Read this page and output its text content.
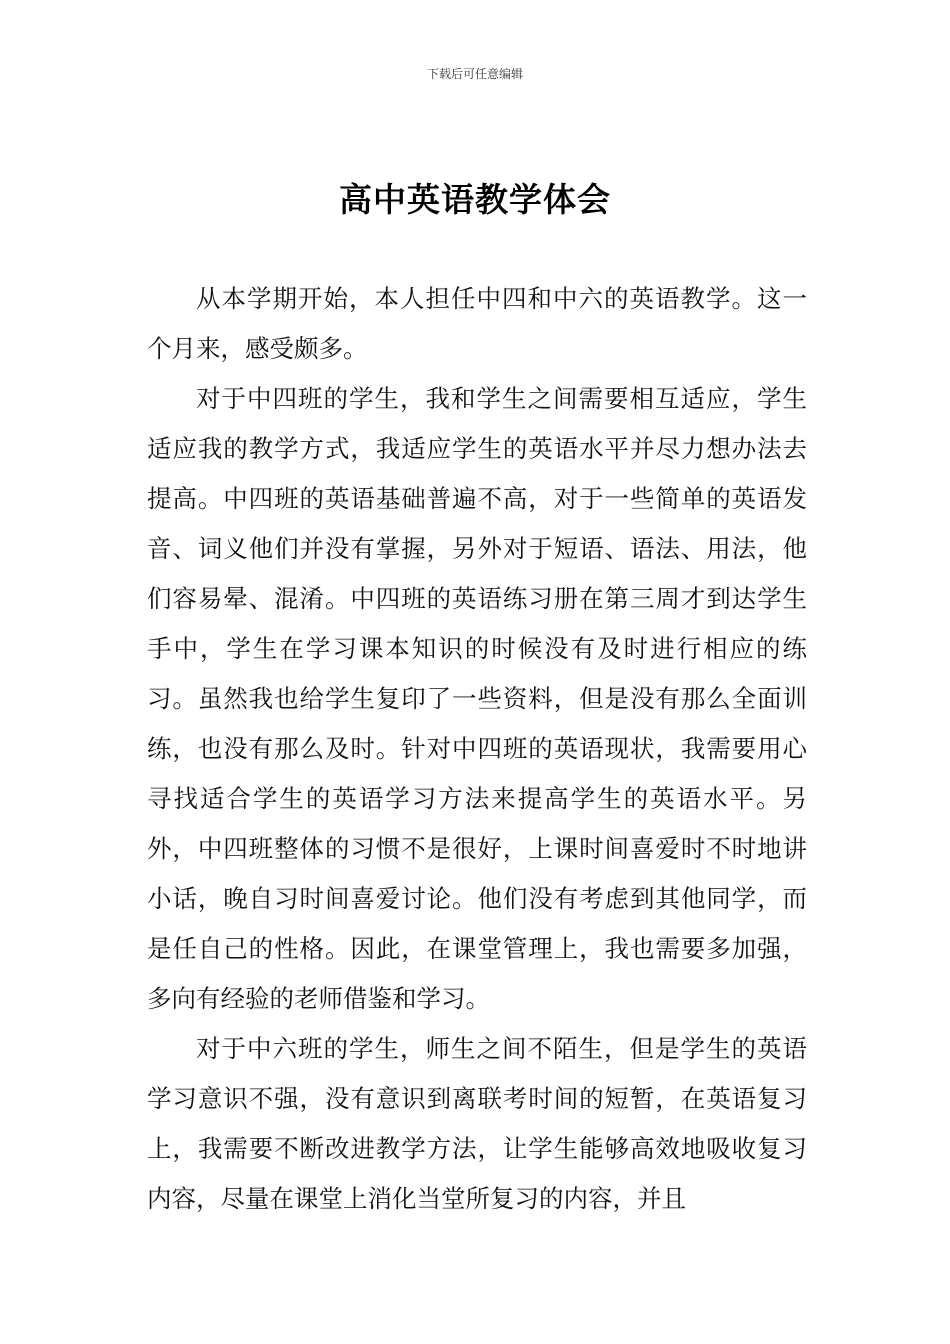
下载后可任意编辑
高中英语教学体会

从本学期开始，本人担任中四和中六的英语教学。这一个月来，感受颇多。

对于中四班的学生，我和学生之间需要相互适应，学生适应我的教学方式，我适应学生的英语水平并尽力想办法去提高。中四班的英语基础普遍不高，对于一些简单的英语发音、词义他们并没有掌握，另外对于短语、语法、用法，他们容易晕、混淆。中四班的英语练习册在第三周才到达学生手中，学生在学习课本知识的时候没有及时进行相应的练习。虽然我也给学生复印了一些资料，但是没有那么全面训练，也没有那么及时。针对中四班的英语现状，我需要用心寻找适合学生的英语学习方法来提高学生的英语水平。另外，中四班整体的习惯不是很好，上课时间喜爱时不时地讲小话，晚自习时间喜爱讨论。他们没有考虑到其他同学，而是任自己的性格。因此，在课堂管理上，我也需要多加强，多向有经验的老师借鉴和学习。

对于中六班的学生，师生之间不陌生，但是学生的英语学习意识不强，没有意识到离联考时间的短暂，在英语复习上，我需要不断改进教学方法，让学生能够高效地吸收复习内容，尽量在课堂上消化当堂所复习的内容，并且
